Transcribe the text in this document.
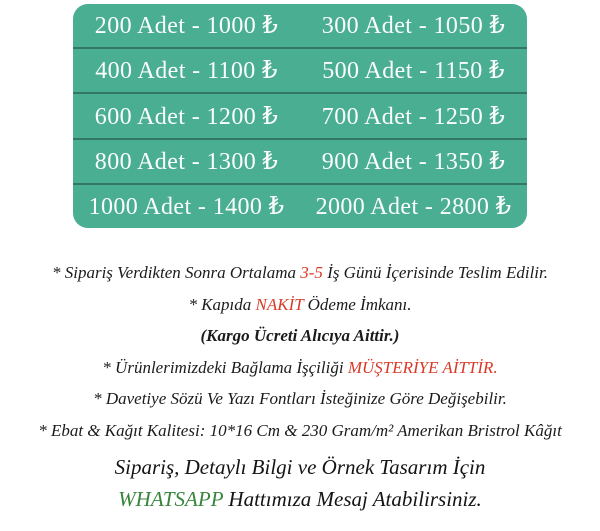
200 Adet - 1000 ₺	300 Adet - 1050 ₺
400 Adet - 1100 ₺	500 Adet - 1150 ₺
600 Adet - 1200 ₺	700 Adet - 1250 ₺
800 Adet - 1300 ₺	900 Adet - 1350 ₺
1000 Adet - 1400 ₺	2000 Adet - 2800 ₺
* Sipariş Verdikten Sonra Ortalama 3-5 İş Günü İçerisinde Teslim Edilir.
* Kapıda NAKİT Ödeme İmkanı.
(Kargo Ücreti Alıcıya Aittir.)
* Ürünlerimizdeki Bağlama İşçiliği MÜŞTERİYE AİTTİR.
* Davetiye Sözü Ve Yazı Fontları İsteğinize Göre Değişebilir.
* Ebat & Kağıt Kalitesi: 10*16 Cm & 230 Gram/m² Amerikan Bristrol Kâğıt
Sipariş, Detaylı Bilgi ve Örnek Tasarım İçin
WHATSAPP Hattımıza Mesaj Atabilirsiniz.
